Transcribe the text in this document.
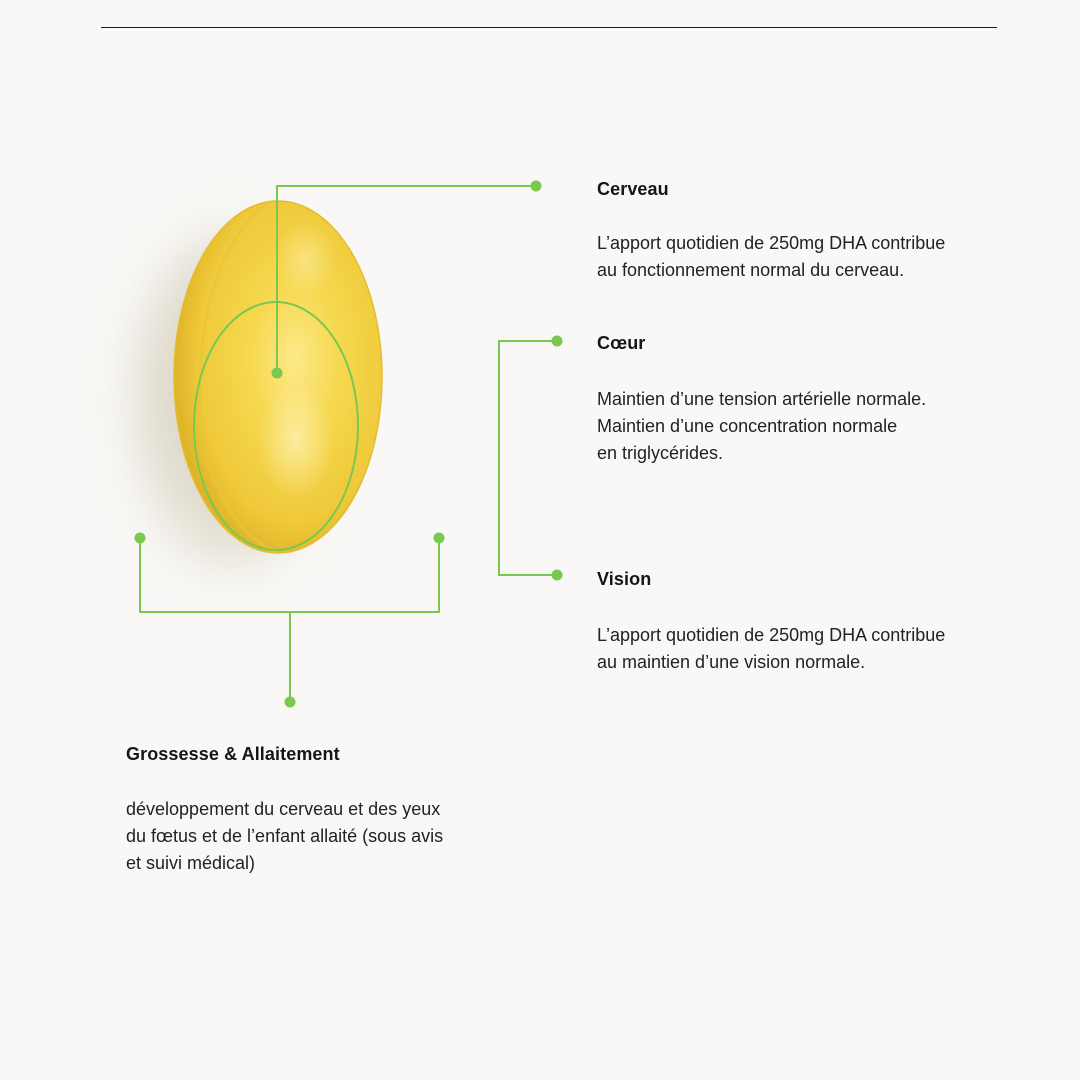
Cerveau

L’apport quotidien de 250mg DHA contribue
au fonctionnement normal du cerveau.

Cœur

Maintien d’une tension artérielle normale.
Maintien d’une concentration normale
en triglycérides.

Vision

L’apport quotidien de 250mg DHA contribue
au maintien d’une vision normale.

Grossesse & Allaitement

développement du cerveau et des yeux
du fœtus et de l’enfant allaité (sous avis
et suivi médical)
